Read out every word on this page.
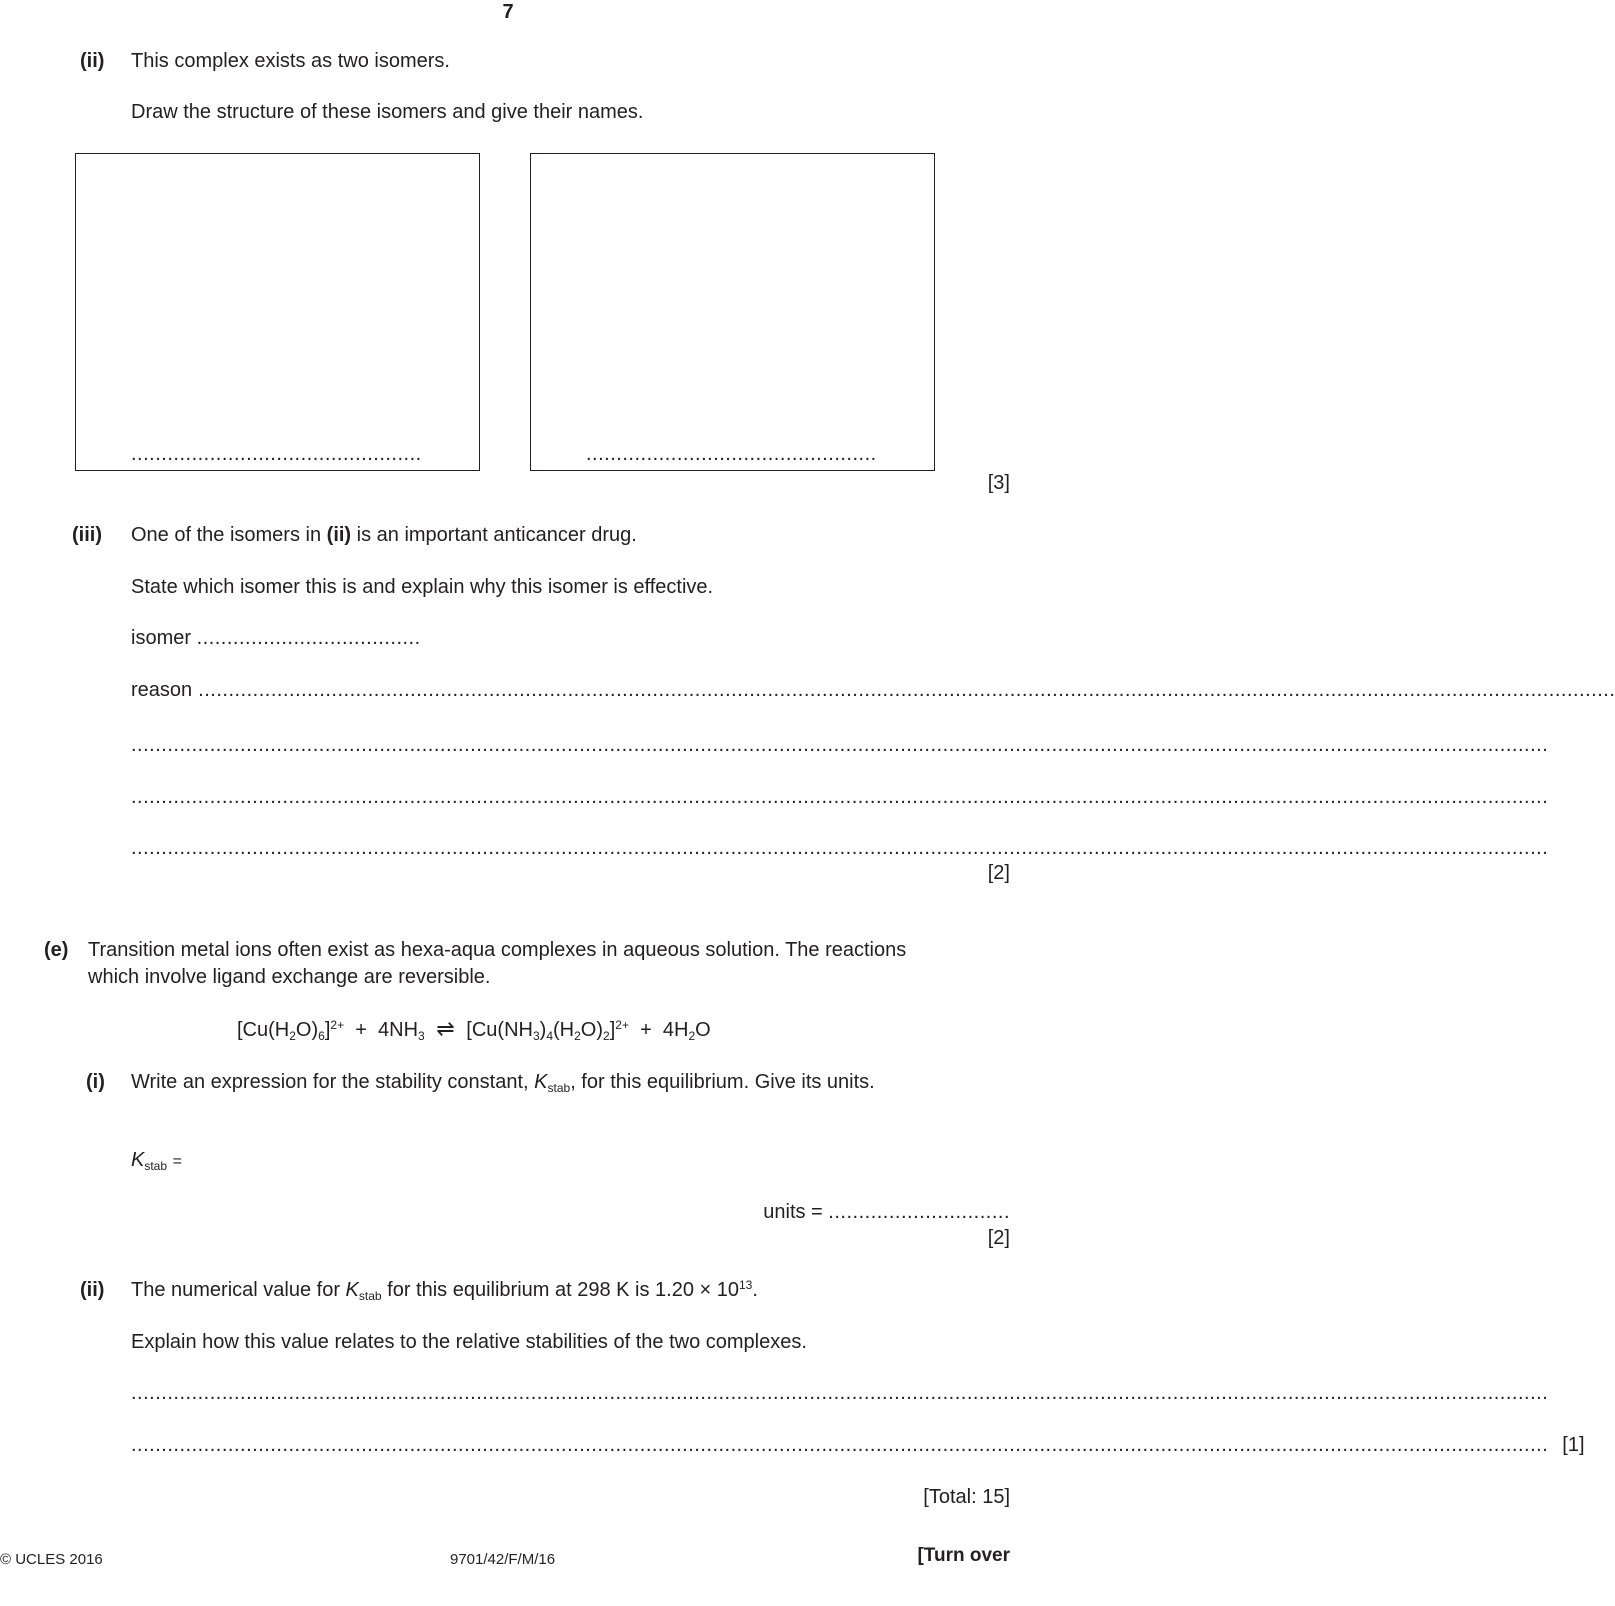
7
(ii) This complex exists as two isomers.
Draw the structure of these isomers and give their names.
................................................	................................................
[3]
(iii) One of the isomers in (ii) is an important anticancer drug.
State which isomer this is and explain why this isomer is effective.
isomer .....................................
reason ..........................................................................................................................................................................................................................................
..........................................................................................................................................................................................................................................
..........................................................................................................................................................................................................................................
..........................................................................................................................................................................................................................................
[2]
(e) Transition metal ions often exist as hexa-aqua complexes in aqueous solution. The reactions
which involve ligand exchange are reversible.
$[Cu(H_2O)_6]^{2+} + 4NH_3$ ⇌ $[Cu(NH_3)_4(H_2O)_2]^{2+} + 4H_2O$
(i) Write an expression for the stability constant, $K_{stab}$, for this equilibrium. Give its units.
$K_{stab}$ =
units = ..............................
[2]
(ii) The numerical value for $K_{stab}$ for this equilibrium at 298 K is $1.20 \times 10^{13}$.
Explain how this value relates to the relative stabilities of the two complexes.
..........................................................................................................................................................................................................................................
.......................................................................................................................................................................................................................................... [1]
[Total: 15]
© UCLES 2016	9701/42/F/M/16	[Turn over
